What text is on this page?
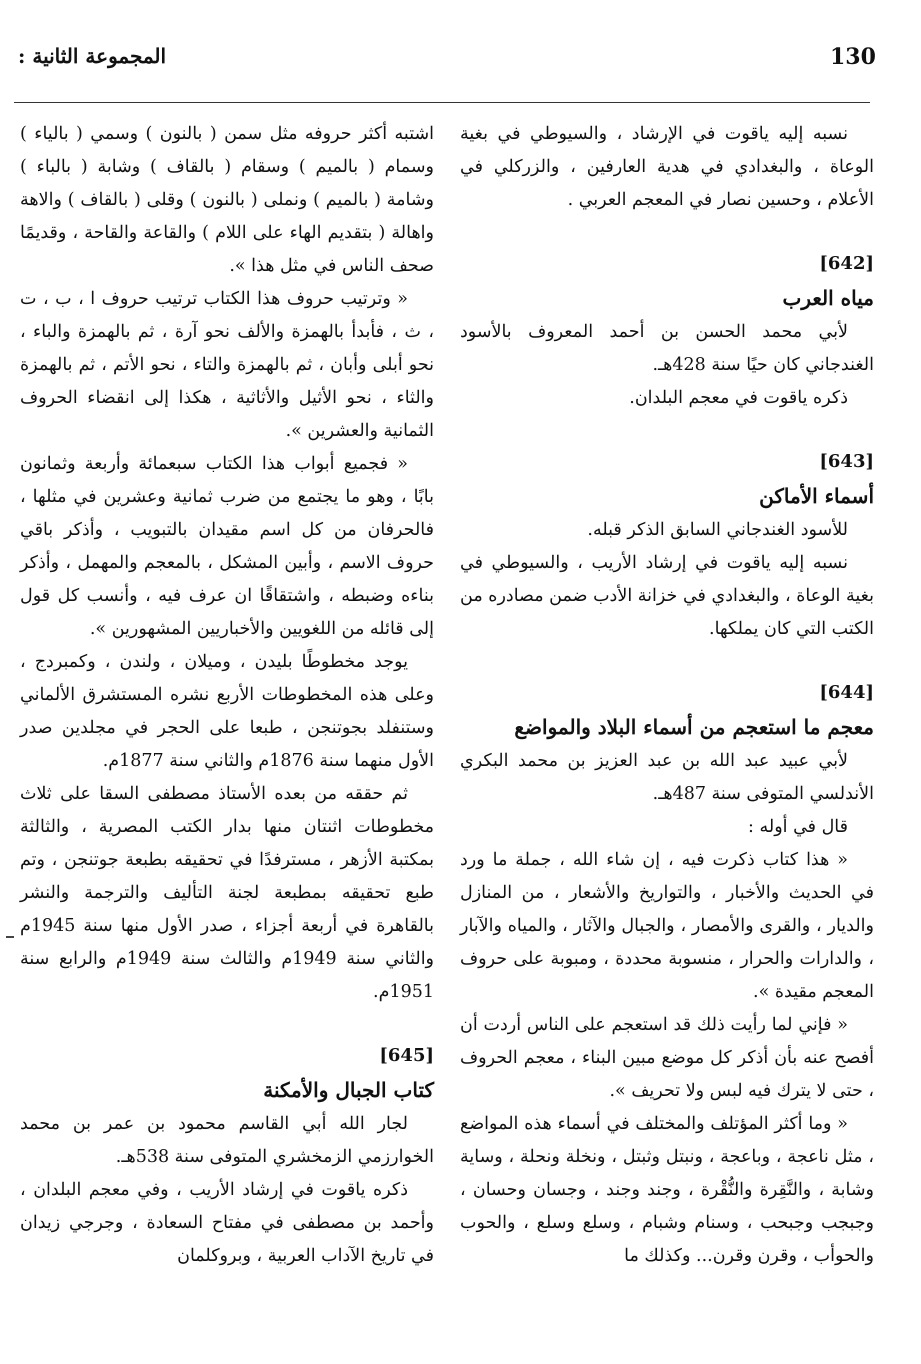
130
المجموعة الثانية :

نسبه إليه ياقوت في الإرشاد ، والسيوطي في بغية الوعاة ، والبغدادي في هدية العارفين ، والزركلي في الأعلام ، وحسين نصار في المعجم العربي .

[642]

مياه العرب

لأبي محمد الحسن بن أحمد المعروف بالأسود الغندجاني كان حيًا سنة 428هـ.

ذكره ياقوت في معجم البلدان.

[643]

أسماء الأماكن

للأسود الغندجاني السابق الذكر قبله.

نسبه إليه ياقوت في إرشاد الأريب ، والسيوطي في بغية الوعاة ، والبغدادي في خزانة الأدب ضمن مصادره من الكتب التي كان يملكها.

[644]

معجم ما استعجم من أسماء البلاد والمواضع

لأبي عبيد عبد الله بن عبد العزيز بن محمد البكري الأندلسي المتوفى سنة 487هـ.

قال في أوله :

« هذا كتاب ذكرت فيه ، إن شاء الله ، جملة ما ورد في الحديث والأخبار ، والتواريخ والأشعار ، من المنازل والديار ، والقرى والأمصار ، والجبال والآثار ، والمياه والآبار ، والدارات والحرار ، منسوبة محددة ، ومبوبة على حروف المعجم مقيدة ».

« فإني لما رأيت ذلك قد استعجم على الناس أردت أن أفصح عنه بأن أذكر كل موضع مبين البناء ، معجم الحروف ، حتى لا يترك فيه لبس ولا تحريف ».

« وما أكثر المؤتلف والمختلف في أسماء هذه المواضع ، مثل ناعجة ، وباعجة ، ونبتل وثبتل ، ونخلة ونحلة ، وساية وشابة ، والنَّقِرة والنُّقْرة ، وجند وجند ، وجسان وحسان ، وجبجب وجبحب ، وسنام وشبام ، وسلع وسلع ، والحوب والحوأب ، وقرن وقرن... وكذلك ما

اشتبه أكثر حروفه مثل سمن ( بالنون ) وسمي ( بالياء ) وسمام ( بالميم ) وسقام ( بالقاف ) وشابة ( بالباء ) وشامة ( بالميم ) ونملى ( بالنون ) وقلى ( بالقاف ) والاهة واهالة ( بتقديم الهاء على اللام ) والقاعة والقاحة ، وقديمًا صحف الناس في مثل هذا ».

« وترتيب حروف هذا الكتاب ترتيب حروف ا ، ب ، ت ، ث ، فأبدأ بالهمزة والألف نحو آرة ، ثم بالهمزة والباء ، نحو أبلى وأبان ، ثم بالهمزة والتاء ، نحو الأتم ، ثم بالهمزة والثاء ، نحو الأثيل والأثاثية ، هكذا إلى انقضاء الحروف الثمانية والعشرين ».

« فجميع أبواب هذا الكتاب سبعمائة وأربعة وثمانون بابًا ، وهو ما يجتمع من ضرب ثمانية وعشرين في مثلها ، فالحرفان من كل اسم مقيدان بالتبويب ، وأذكر باقي حروف الاسم ، وأبين المشكل ، بالمعجم والمهمل ، وأذكر بناءه وضبطه ، واشتقاقًا ان عرف فيه ، وأنسب كل قول إلى قائله من اللغويين والأخباريين المشهورين ».

يوجد مخطوطًا بليدن ، وميلان ، ولندن ، وكمبردج ، وعلى هذه المخطوطات الأربع نشره المستشرق الألماني وستنفلد بجوتنجن ، طبعا على الحجر في مجلدين صدر الأول منهما سنة 1876م والثاني سنة 1877م.

ثم حققه من بعده الأستاذ مصطفى السقا على ثلاث مخطوطات اثنتان منها بدار الكتب المصرية ، والثالثة بمكتبة الأزهر ، مسترفدًا في تحقيقه بطبعة جوتنجن ، وتم طبع تحقيقه بمطبعة لجنة التأليف والترجمة والنشر بالقاهرة في أربعة أجزاء ، صدر الأول منها سنة 1945م والثاني سنة 1949م والثالث سنة 1949م والرابع سنة 1951م.

[645]

كتاب الجبال والأمكنة

لجار الله أبي القاسم محمود بن عمر بن محمد الخوارزمي الزمخشري المتوفى سنة 538هـ.

ذكره ياقوت في إرشاد الأريب ، وفي معجم البلدان ، وأحمد بن مصطفى في مفتاح السعادة ، وجرجي زيدان في تاريخ الآداب العربية ، وبروكلمان
